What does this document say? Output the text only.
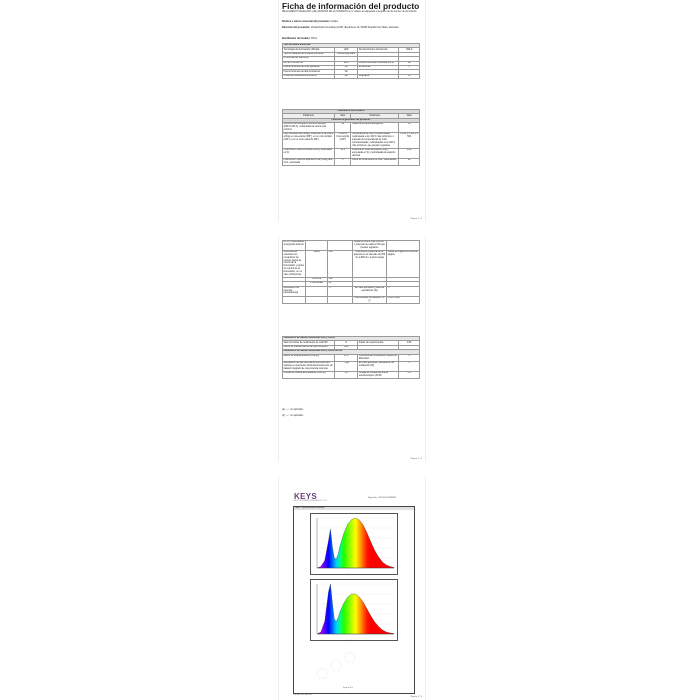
Ficha de información del producto
REGLAMENTO DELEGADO (UE) 2019/2015 DE LA COMISIÓN en lo relativo al etiquetado energético de las fuentes de iluminación
Nombre o marca comercial del proveedor: ledslux
Dirección del proveedor: shutterstock Consulting GmbH, Beethoven 16, 60325 Frankfurt am Main, Alemania
Identificador del modelo: TR12
Tipo de fuente luminosa:			
Tecnología de iluminación utilizada:	LED	No direccional o direccional:	NDLS
Tipo de casquillo de la fuente luminosa	Connecting leads		
(u otra interfaz eléctrica)			
De red o no de red:	MLS	Fuente luminosa conectada (CLS):	No
Fuente luminosa de color ajustable:	No	Envolvente:	—
Fuente luminosa de alta luminancia:	No		
Protección antideslumbramiento:	No	Regulable:	Sí
Parámetros del producto			
Parámetro	Valor	Parámetro	Valor
Parámetros generales del producto:			
Consumo de energía en modo encendido (kWh/1 000 h), redondeado al entero más próximo	14	Clase de eficiencia energética	E
Flujo luminoso útil (Φuse), indicando si se refiere al flujo en una esfera (360°), en un cono amplio (120°) o en un cono estrecho (90°)	1 063 en Cono amplio (120°)	Temperatura de color correlacionada, redondeada a los 100 K más próximos, o intervalo de temperaturas de color correlacionadas, redondeadas a los 100 K más próximos, que pueden regularse	2 900 y 4 300 y 6 500
Potencia en modo encendido (Pon), expresada en W	13,6	Potencia en modo de espera (Psb), expresada en W y redondeada al segundo decimal	0,00
Potencia en modo de espera en red (Pnet) para CLS, expresada	—	Índice de rendimiento de color, redondeado	80
Página 1 / 2
en W y redondeada al segundo decimal			desde el entero más próximo, o intervalo de valores CRI que pueden regularse	
Dimensiones exteriores sin mecanismo de control, partes de control de la iluminación y partes sin control de la iluminación, en su caso (milímetros)	Altura	300	Distribución espectral de la potencia en el intervalo de 250 nm a 800 nm, a plena carga	Véase la imagen en la última página
	Anchura	300		
	Profundidad	50		
Declaración de potencia equivalente(a)		—	En caso afirmativo, potencia equivalente (W)	—
			Coordenadas cromáticas (x e y)	0,310 0,320
Parámetros de fuentes luminosas LED y OLED:			
Valor del índice de rendimiento de color R9	8	Factor de supervivencia	0,90
Factor de mantenimiento del flujo luminoso	0,93		
Parámetros de fuentes luminosas LED y OLED de red:			
Factor de desplazamiento (cos φ1)	0,72	Consistencia cromática en elipses de MacAdam	6
Declaración de que una fuente luminosa LED sustituye a una fuente luminosa fluorescente sin balasto integrado de una potencia concreta	—(a)	En caso afirmativo, declaración de sustitución (W)	—
Unidad de medida del parpadeo (Pst LM)	1,0	Unidad de medida del efecto estroboscópico (SVM)	0,9
(a) '—': no aplicable;
(b) '—': no aplicable;
Página 2 / 3
KEYS
KEYS INSTRUMENTS (ZHEJIANG) CO., LTD.
Report No.: 0171021-270385PE1
Table 1: Spectral power distribution
λ(nm)
λ(nm)
⬡ ⬡ ⬡
TRF No.: IEC 62471B
Page 4 of 8
Página 3 / 3
